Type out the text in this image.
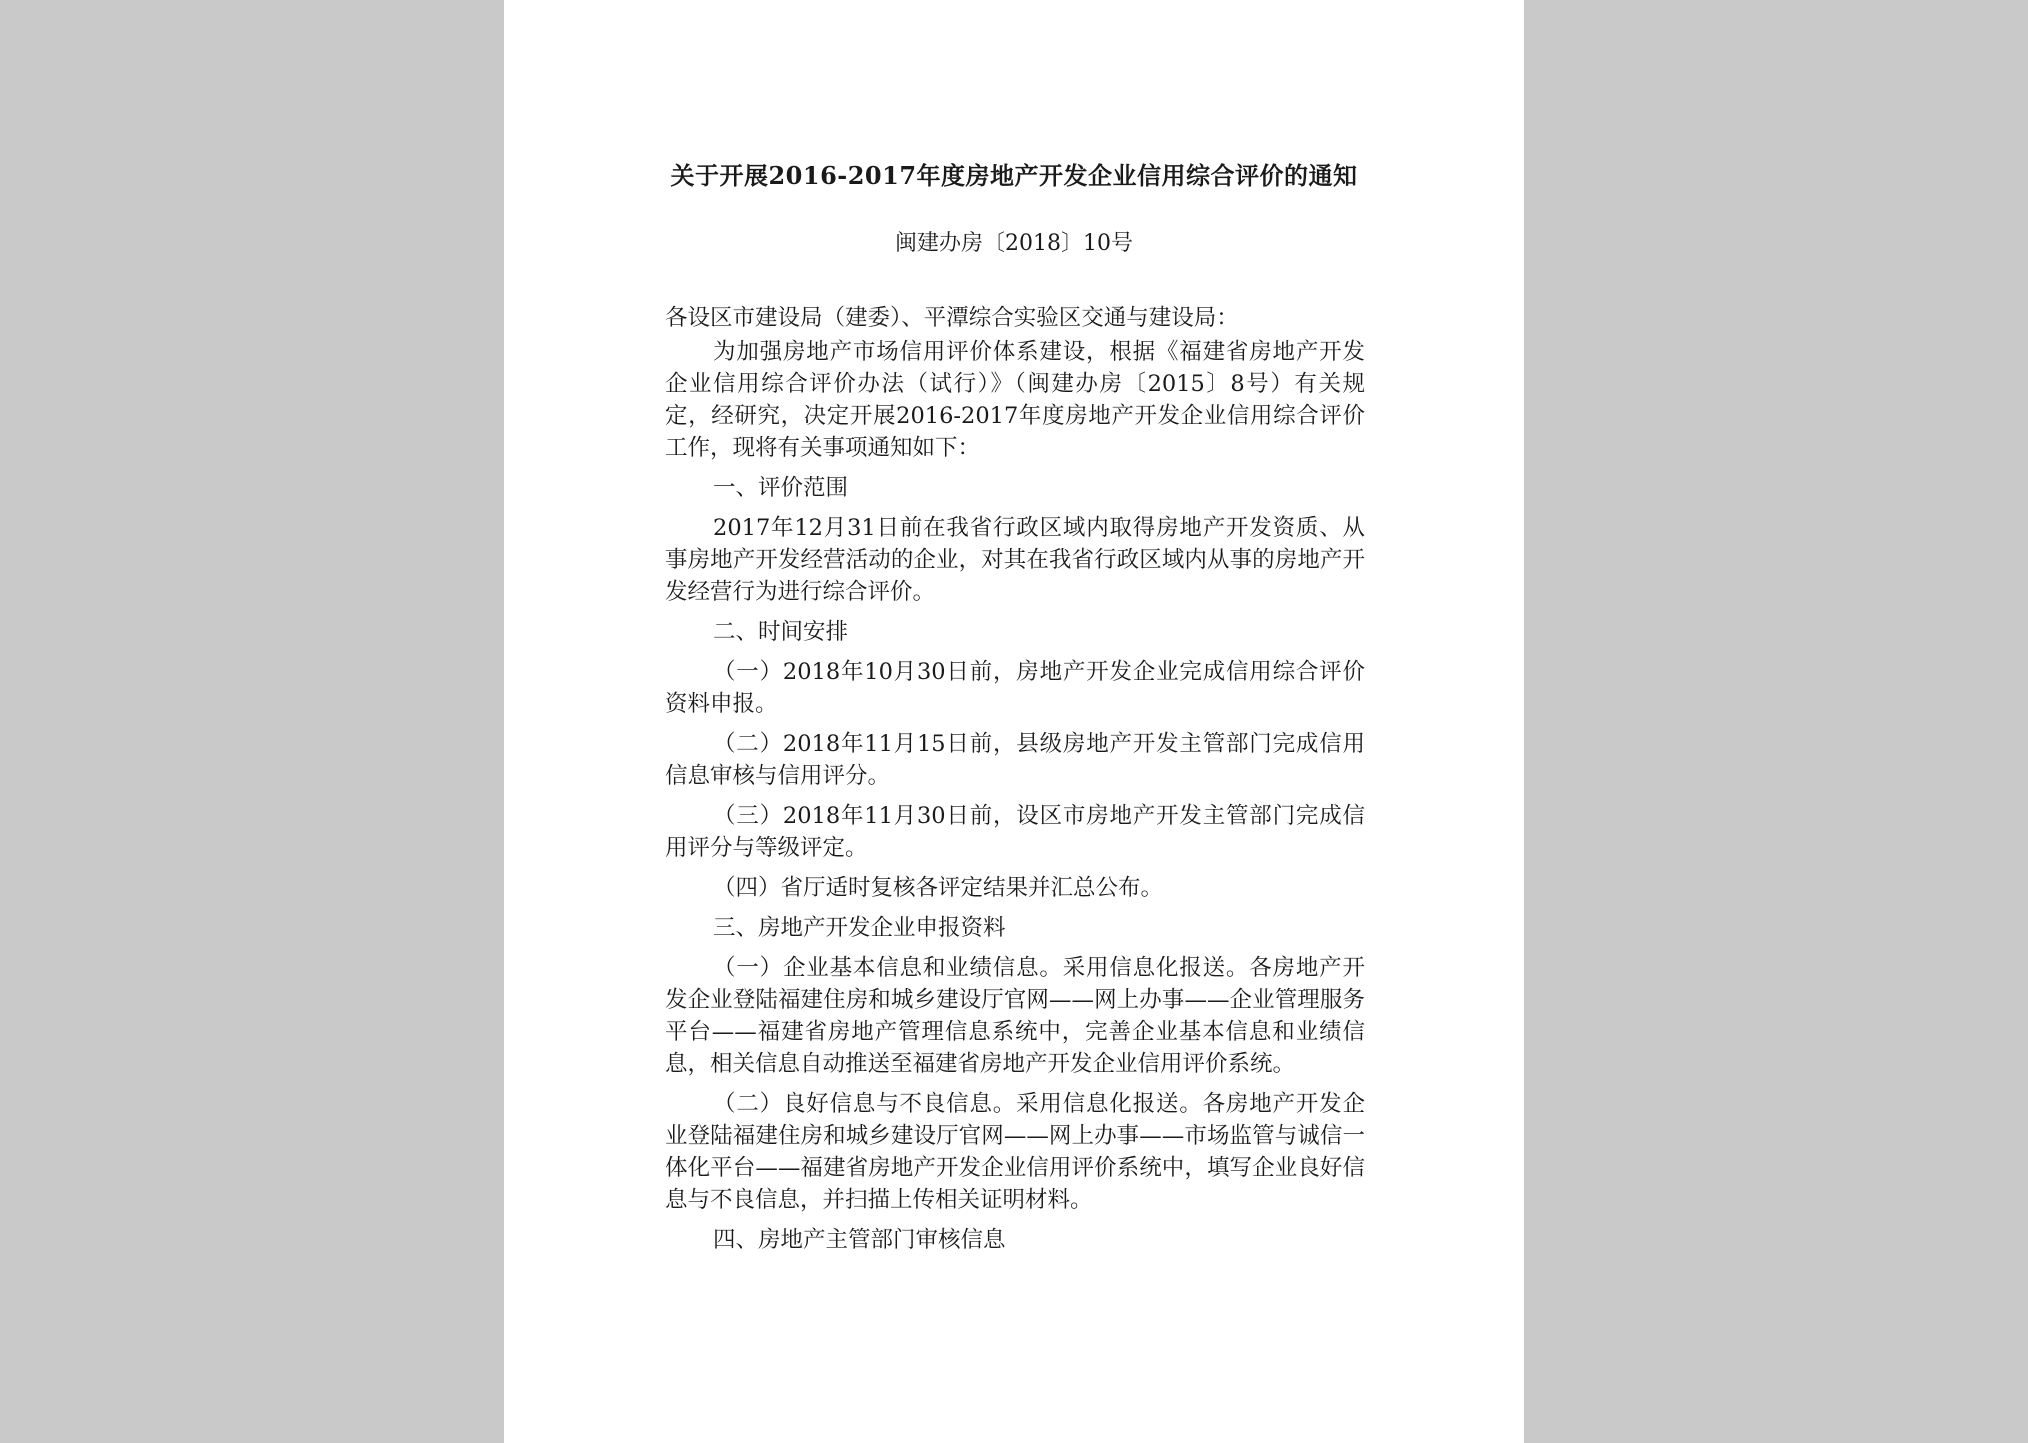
关于开展2016-2017年度房地产开发企业信用综合评价的通知
闽建办房〔2018〕10号

各设区市建设局（建委）、平潭综合实验区交通与建设局：

为加强房地产市场信用评价体系建设，根据《福建省房地产开发企业信用综合评价办法（试行）》（闽建办房〔2015〕8号）有关规定，经研究，决定开展2016-2017年度房地产开发企业信用综合评价工作，现将有关事项通知如下：

一、评价范围

2017年12月31日前在我省行政区域内取得房地产开发资质、从事房地产开发经营活动的企业，对其在我省行政区域内从事的房地产开发经营行为进行综合评价。

二、时间安排

（一）2018年10月30日前，房地产开发企业完成信用综合评价资料申报。

（二）2018年11月15日前，县级房地产开发主管部门完成信用信息审核与信用评分。

（三）2018年11月30日前，设区市房地产开发主管部门完成信用评分与等级评定。

（四）省厅适时复核各评定结果并汇总公布。

三、房地产开发企业申报资料

（一）企业基本信息和业绩信息。采用信息化报送。各房地产开发企业登陆福建住房和城乡建设厅官网——网上办事——企业管理服务平台——福建省房地产管理信息系统中，完善企业基本信息和业绩信息，相关信息自动推送至福建省房地产开发企业信用评价系统。

（二）良好信息与不良信息。采用信息化报送。各房地产开发企业登陆福建住房和城乡建设厅官网——网上办事——市场监管与诚信一体化平台——福建省房地产开发企业信用评价系统中，填写企业良好信息与不良信息，并扫描上传相关证明材料。

四、房地产主管部门审核信息
